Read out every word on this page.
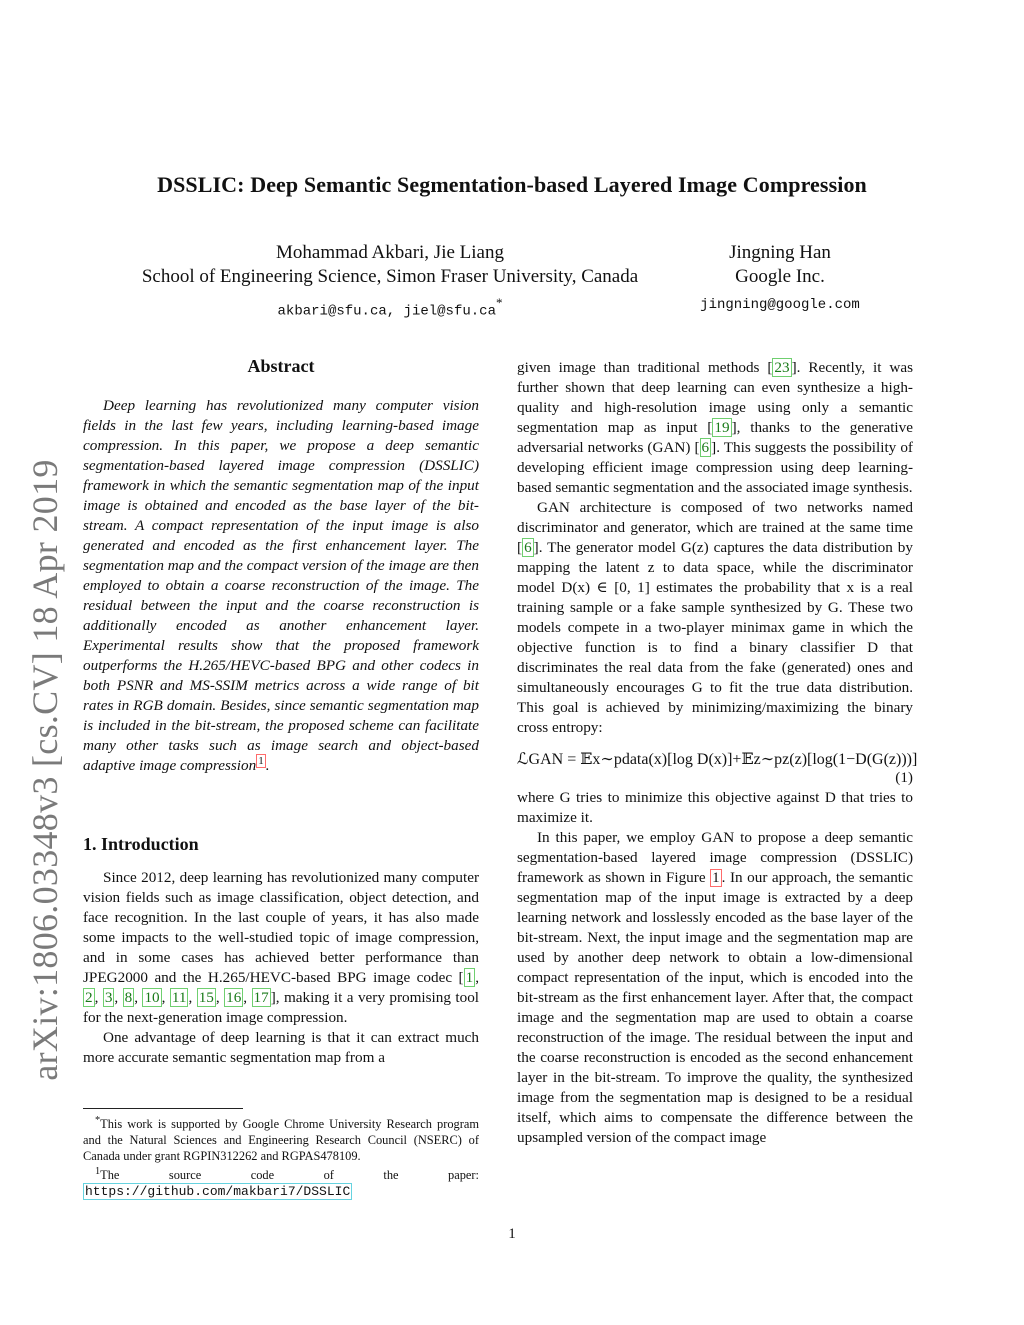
arXiv:1806.03348v3 [cs.CV] 18 Apr 2019
DSSLIC: Deep Semantic Segmentation-based Layered Image Compression
Mohammad Akbari, Jie Liang
School of Engineering Science, Simon Fraser University, Canada
akbari@sfu.ca, jiel@sfu.ca*
Jingning Han
Google Inc.
jingning@google.com
Abstract

Deep learning has revolutionized many computer vision fields in the last few years, including learning-based image compression. In this paper, we propose a deep semantic segmentation-based layered image compression (DSSLIC) framework in which the semantic segmentation map of the input image is obtained and encoded as the base layer of the bit-stream. A compact representation of the input image is also generated and encoded as the first enhancement layer. The segmentation map and the compact version of the image are then employed to obtain a coarse reconstruction of the image. The residual between the input and the coarse reconstruction is additionally encoded as another enhancement layer. Experimental results show that the proposed framework outperforms the H.265/HEVC-based BPG and other codecs in both PSNR and MS-SSIM metrics across a wide range of bit rates in RGB domain. Besides, since semantic segmentation map is included in the bit-stream, the proposed scheme can facilitate many other tasks such as image search and object-based adaptive image compression $^1$ .

1. Introduction

Since 2012, deep learning has revolutionized many computer vision fields such as image classification, object detection, and face recognition. In the last couple of years, it has also made some impacts to the well-studied topic of image compression, and in some cases has achieved better performance than JPEG2000 and the H.265/HEVC-based BPG image codec [ 1 , 2 , 3 , 8 , 10 , 11 , 15 , 16 , 17 ], making it a very promising tool for the next-generation image compression.

One advantage of deep learning is that it can extract much more accurate semantic segmentation map from a

*This work is supported by Google Chrome University Research program and the Natural Sciences and Engineering Research Council (NSERC) of Canada under grant RGPIN312262 and RGPAS478109.

$^1$The source code of the paper: https://github.com/makbari7/DSSLIC

given image than traditional methods [ 23 ]. Recently, it was further shown that deep learning can even synthesize a high-quality and high-resolution image using only a semantic segmentation map as input [ 19 ], thanks to the generative adversarial networks (GAN) [ 6 ]. This suggests the possibility of developing efficient image compression using deep learning-based semantic segmentation and the associated image synthesis.

GAN architecture is composed of two networks named discriminator and generator, which are trained at the same time [ 6 ]. The generator model G(z) captures the data distribution by mapping the latent z to data space, while the discriminator model D(x) ∈ [0, 1] estimates the probability that x is a real training sample or a fake sample synthesized by G. These two models compete in a two-player minimax game in which the objective function is to find a binary classifier D that discriminates the real data from the fake (generated) ones and simultaneously encourages G to fit the true data distribution. This goal is achieved by minimizing/maximizing the binary cross entropy:

ℒGAN = 𝔼x∼pdata(x)[log D(x)]+𝔼z∼pz(z)[log(1−D(G(z)))]
(1)

where G tries to minimize this objective against D that tries to maximize it.

In this paper, we employ GAN to propose a deep semantic segmentation-based layered image compression (DSSLIC) framework as shown in Figure 1 . In our approach, the semantic segmentation map of the input image is extracted by a deep learning network and losslessly encoded as the base layer of the bit-stream. Next, the input image and the segmentation map are used by another deep network to obtain a low-dimensional compact representation of the input, which is encoded into the bit-stream as the first enhancement layer. After that, the compact image and the segmentation map are used to obtain a coarse reconstruction of the image. The residual between the input and the coarse reconstruction is encoded as the second enhancement layer in the bit-stream. To improve the quality, the synthesized image from the segmentation map is designed to be a residual itself, which aims to compensate the difference between the upsampled version of the compact image

1
